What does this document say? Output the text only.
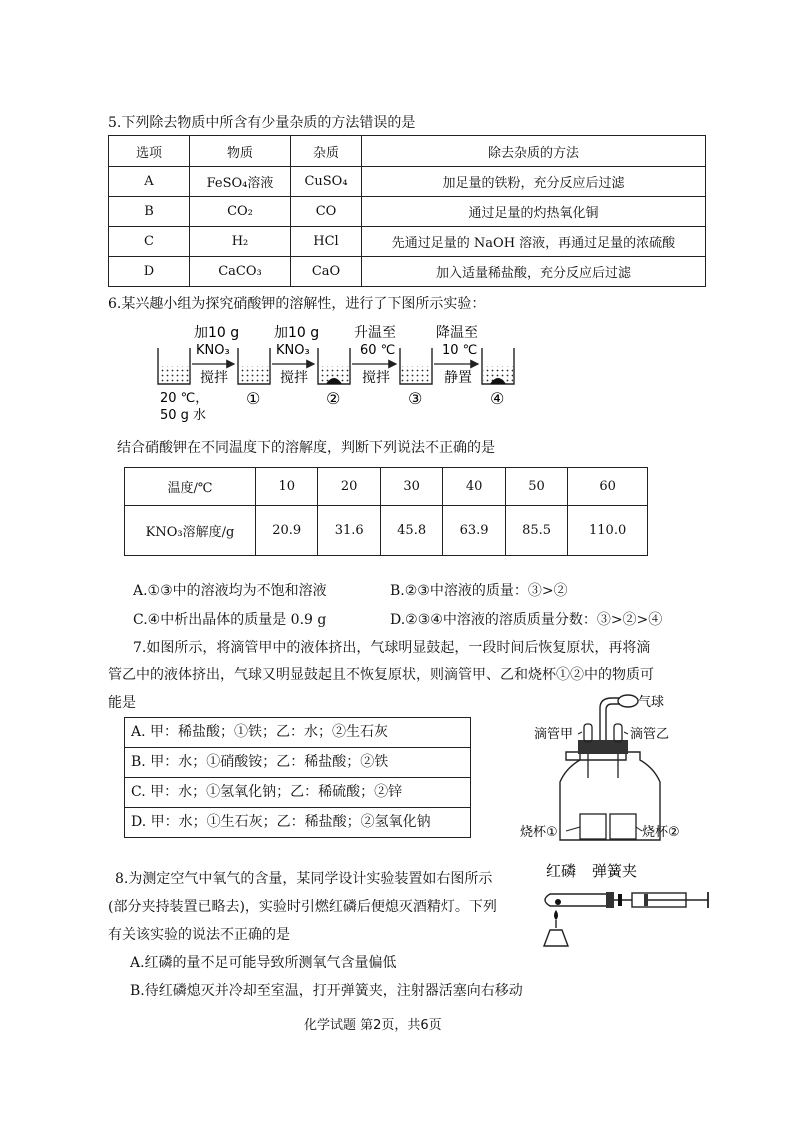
5.下列除去物质中所含有少量杂质的方法错误的是
选项	物质	杂质	除去杂质的方法
A	FeSO₄溶液	CuSO₄	加足量的铁粉，充分反应后过滤
B	CO₂	CO	通过足量的灼热氧化铜
C	H₂	HCl	先通过足量的 NaOH 溶液，再通过足量的浓硫酸
D	CaCO₃	CaO	加入适量稀盐酸，充分反应后过滤
6.某兴趣小组为探究硝酸钾的溶解性，进行了下图所示实验：
加10 g
KNO₃
搅拌
加10 g
KNO₃
搅拌
升温至
60 ℃
搅拌
降温至
10 ℃
静置
20 ℃，
50 g 水
①	②	③	④
结合硝酸钾在不同温度下的溶解度，判断下列说法不正确的是
温度/℃	10	20	30	40	50	60
KNO₃溶解度/g	20.9	31.6	45.8	63.9	85.5	110.0
A.①③中的溶液均为不饱和溶液	B.②③中溶液的质量：③>②
C.④中析出晶体的质量是 0.9 g	D.②③④中溶液的溶质质量分数：③>②>④
7.如图所示，将滴管甲中的液体挤出，气球明显鼓起，一段时间后恢复原状，再将滴
管乙中的液体挤出，气球又明显鼓起且不恢复原状，则滴管甲、乙和烧杯①②中的物质可
能是
A. 甲：稀盐酸；①铁；乙：水；②生石灰
B. 甲：水；①硝酸铵；乙：稀盐酸；②铁
C. 甲：水；①氢氧化钠；乙：稀硫酸；②锌
D. 甲：水；①生石灰；乙：稀盐酸；②氢氧化钠
气球
滴管甲	滴管乙
烧杯①	烧杯②
8.为测定空气中氧气的含量，某同学设计实验装置如右图所示
(部分夹持装置已略去)，实验时引燃红磷后便熄灭酒精灯。下列
有关该实验的说法不正确的是
A.红磷的量不足可能导致所测氧气含量偏低
B.待红磷熄灭并冷却至室温，打开弹簧夹，注射器活塞向右移动
红磷 弹簧夹
化学试题 第2页，共6页
